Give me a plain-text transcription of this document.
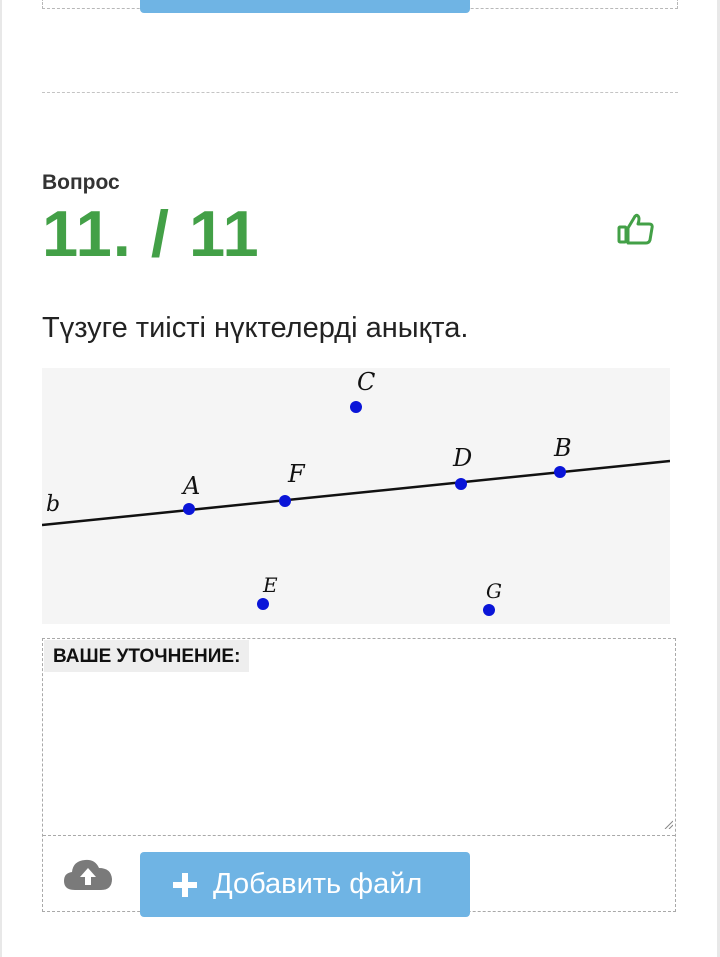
Вопрос
11. / 11
Түзуге тиісті нүктелерді анықта.
b
A	F
D	B
C
E	G
ВАШЕ УТОЧНЕНИЕ:
Добавить файл
